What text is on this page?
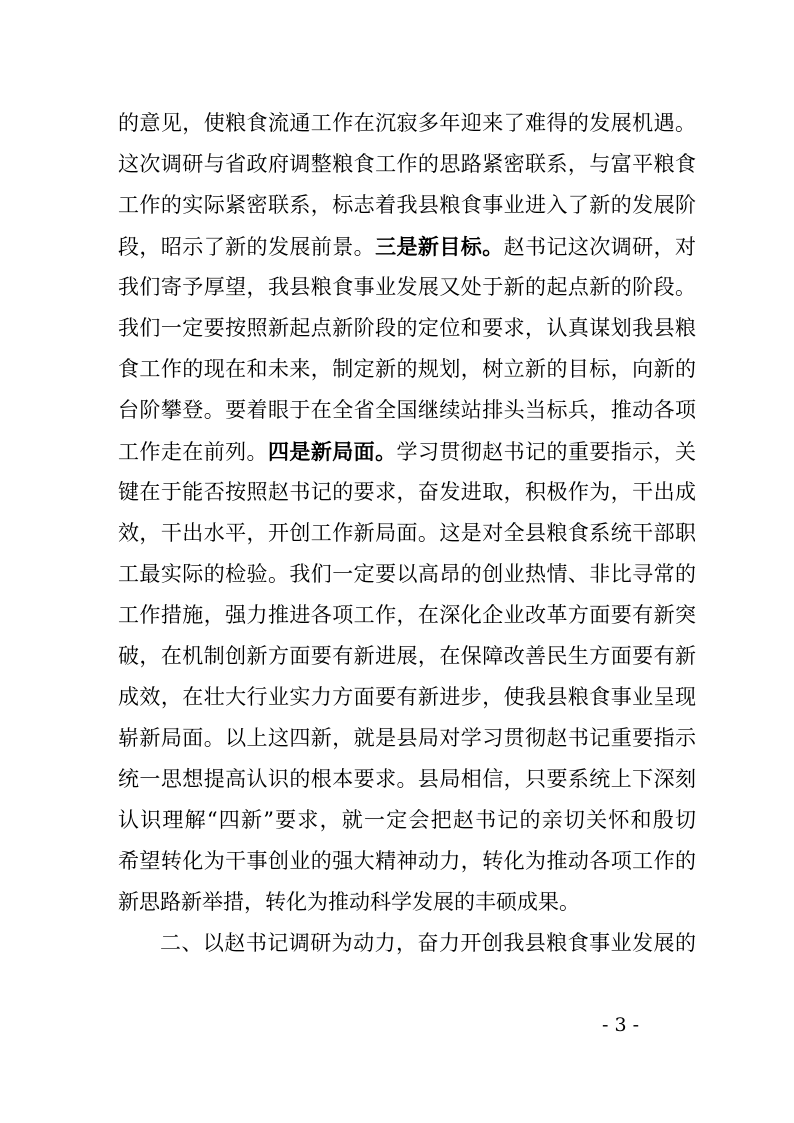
的意见，使粮食流通工作在沉寂多年迎来了难得的发展机遇。
这次调研与省政府调整粮食工作的思路紧密联系，与富平粮食
工作的实际紧密联系，标志着我县粮食事业进入了新的发展阶
段，昭示了新的发展前景。三是新目标。赵书记这次调研，对
我们寄予厚望，我县粮食事业发展又处于新的起点新的阶段。
我们一定要按照新起点新阶段的定位和要求，认真谋划我县粮
食工作的现在和未来，制定新的规划，树立新的目标，向新的
台阶攀登。要着眼于在全省全国继续站排头当标兵，推动各项
工作走在前列。四是新局面。学习贯彻赵书记的重要指示，关
键在于能否按照赵书记的要求，奋发进取，积极作为，干出成
效，干出水平，开创工作新局面。这是对全县粮食系统干部职
工最实际的检验。我们一定要以高昂的创业热情、非比寻常的
工作措施，强力推进各项工作，在深化企业改革方面要有新突
破，在机制创新方面要有新进展，在保障改善民生方面要有新
成效，在壮大行业实力方面要有新进步，使我县粮食事业呈现
崭新局面。以上这四新，就是县局对学习贯彻赵书记重要指示
统一思想提高认识的根本要求。县局相信，只要系统上下深刻
认识理解“四新”要求，就一定会把赵书记的亲切关怀和殷切
希望转化为干事创业的强大精神动力，转化为推动各项工作的
新思路新举措，转化为推动科学发展的丰硕成果。
二、以赵书记调研为动力，奋力开创我县粮食事业发展的
- 3 -
